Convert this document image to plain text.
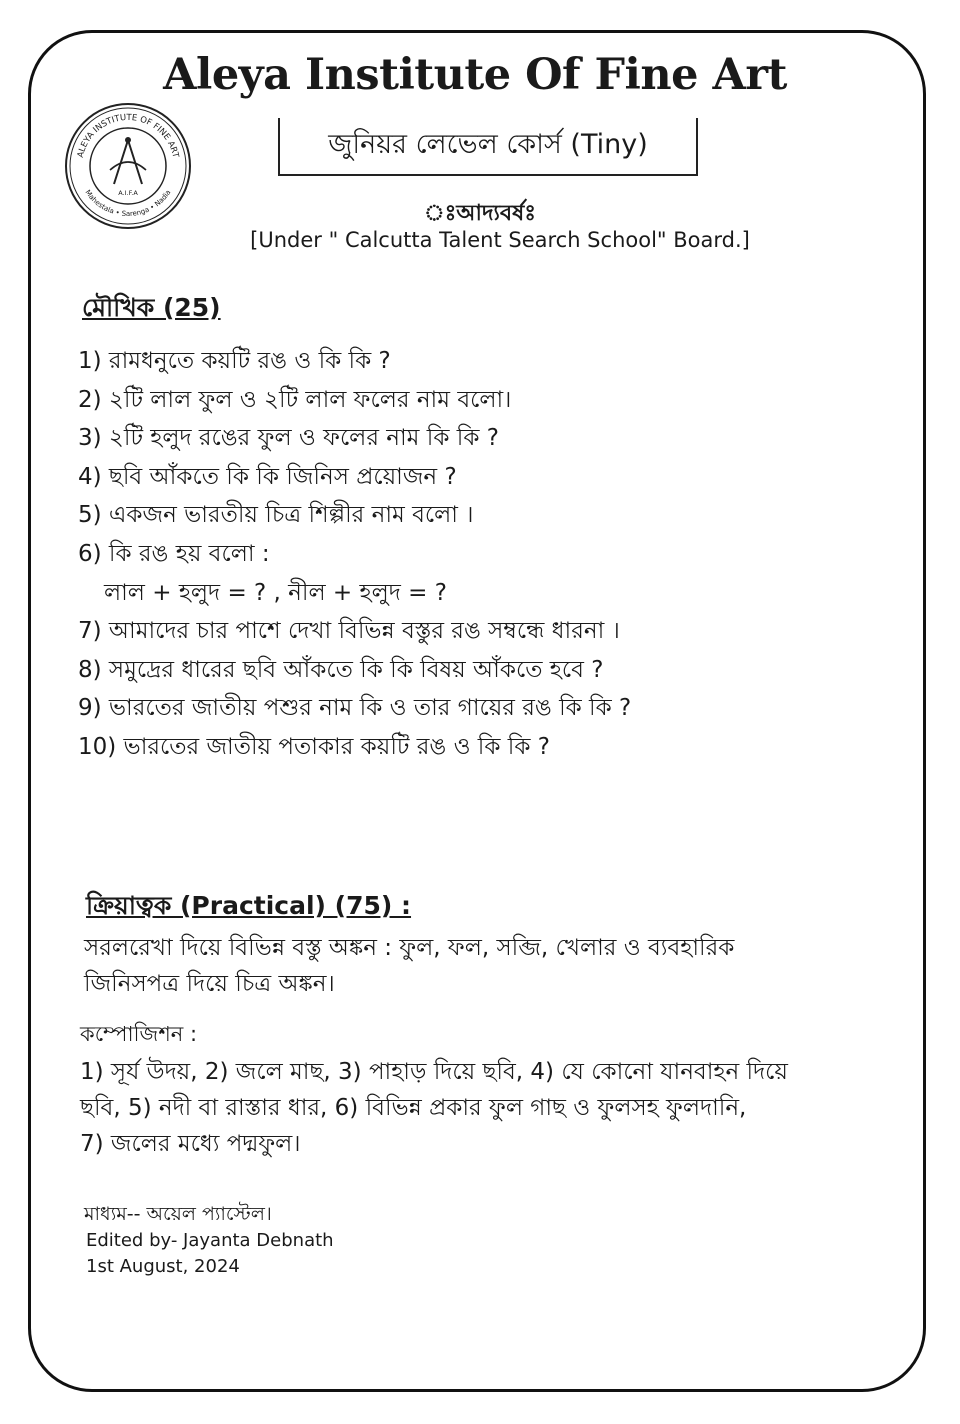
ALEYA INSTITUTE OF FINE ART
Mahestala • Sarenga • Nadia
A.I.F.A
Aleya Institute Of Fine Art
জুনিয়র লেভেল কোর্স (Tiny)
ঃআদ্যবর্ষঃ
[Under " Calcutta Talent Search School" Board.]
মৌখিক (25)
1) রামধনুতে কয়টি রঙ ও কি কি ?
2) ২টি লাল ফুল ও ২টি লাল ফলের নাম বলো।
3) ২টি হলুদ রঙের ফুল ও ফলের নাম কি কি ?
4) ছবি আঁকতে কি কি জিনিস প্রয়োজন ?
5) একজন ভারতীয় চিত্র শিল্পীর নাম বলো ।
6) কি রঙ হয় বলো :
লাল + হলুদ = ? , নীল + হলুদ = ?
7) আমাদের চার পাশে দেখা বিভিন্ন বস্তুর রঙ সম্বন্ধে ধারনা ।
8) সমুদ্রের ধারের ছবি আঁকতে কি কি বিষয় আঁকতে হবে ?
9) ভারতের জাতীয় পশুর নাম কি ও তার গায়ের রঙ কি কি ?
10) ভারতের জাতীয় পতাকার কয়টি রঙ ও কি কি ?
ক্রিয়াত্বক (Practical) (75) :

সরলরেখা দিয়ে বিভিন্ন বস্তু অঙ্কন : ফুল, ফল, সব্জি, খেলার ও ব্যবহারিক

জিনিসপত্র দিয়ে চিত্র অঙ্কন।

কম্পোজিশন :

1) সূর্য উদয়, 2) জলে মাছ, 3) পাহাড় দিয়ে ছবি, 4) যে কোনো যানবাহন দিয়ে

ছবি, 5) নদী বা রাস্তার ধার, 6) বিভিন্ন প্রকার ফুল গাছ ও ফুলসহ ফুলদানি,

7) জলের মধ্যে পদ্মফুল।

মাধ্যম-- অয়েল প্যাস্টেল।

Edited by- Jayanta Debnath

1st August, 2024
